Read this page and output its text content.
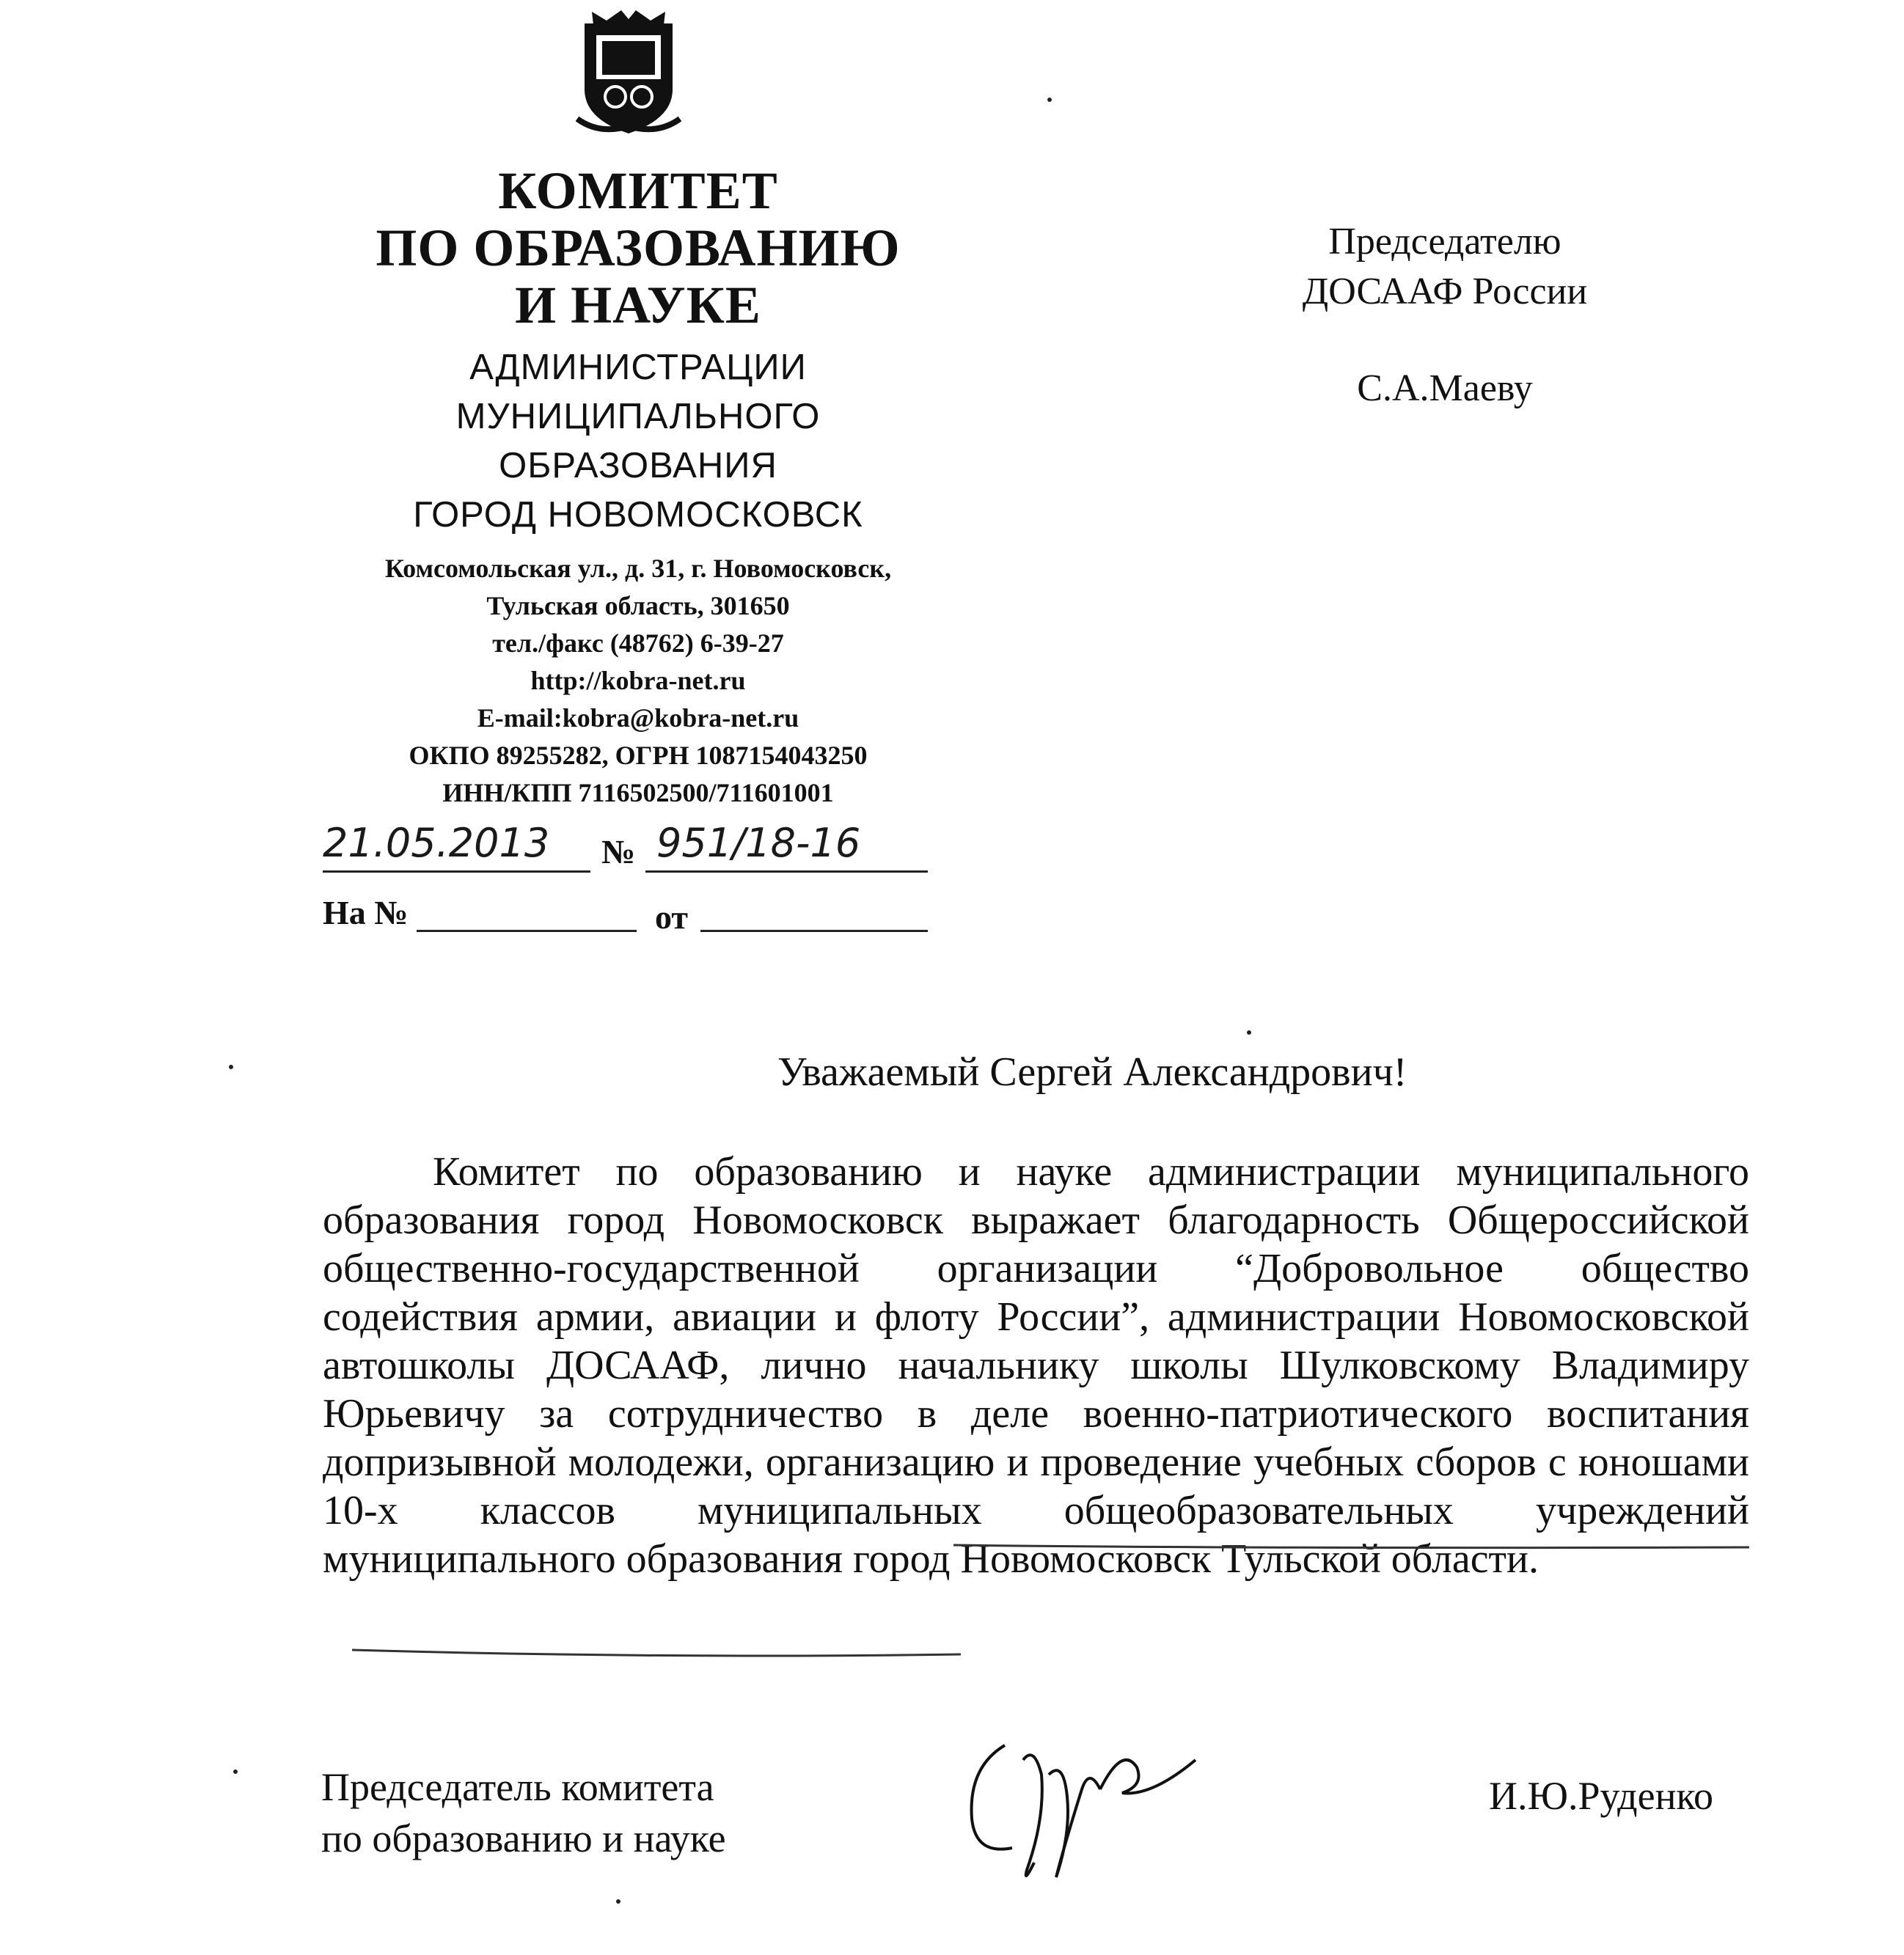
КОМИТЕТ
ПО ОБРАЗОВАНИЮ
И НАУКЕ
АДМИНИСТРАЦИИ
МУНИЦИПАЛЬНОГО
ОБРАЗОВАНИЯ
ГОРОД НОВОМОСКОВСК
Комсомольская ул., д. 31, г. Новомосковск,
Тульская область, 301650
тел./факс (48762) 6-39-27
http://kobra-net.ru
E-mail:kobra@kobra-net.ru
ОКПО 89255282, ОГРН 1087154043250
ИНН/КПП 7116502500/711601001
21.05.2013 № 951/18-16
На №	от
Председателю
ДОСААФ России
С.А.Маеву
Уважаемый Сергей Александрович!
Комитет по образованию и науке администрации муниципального образования город Новомосковск выражает благодарность Общероссийской общественно-государственной организации “Добровольное общество содействия армии, авиации и флоту России”, администрации Новомосковской автошколы ДОСААФ, лично начальнику школы Шулковскому Владимиру Юрьевичу за сотрудничество в деле военно-патриотического воспитания допризывной молодежи, организацию и проведение учебных сборов с юношами 10-х классов муниципальных общеобразовательных учреждений муниципального образования город Новомосковск Тульской области.
Председатель комитета
по образованию и науке
И.Ю.Руденко
